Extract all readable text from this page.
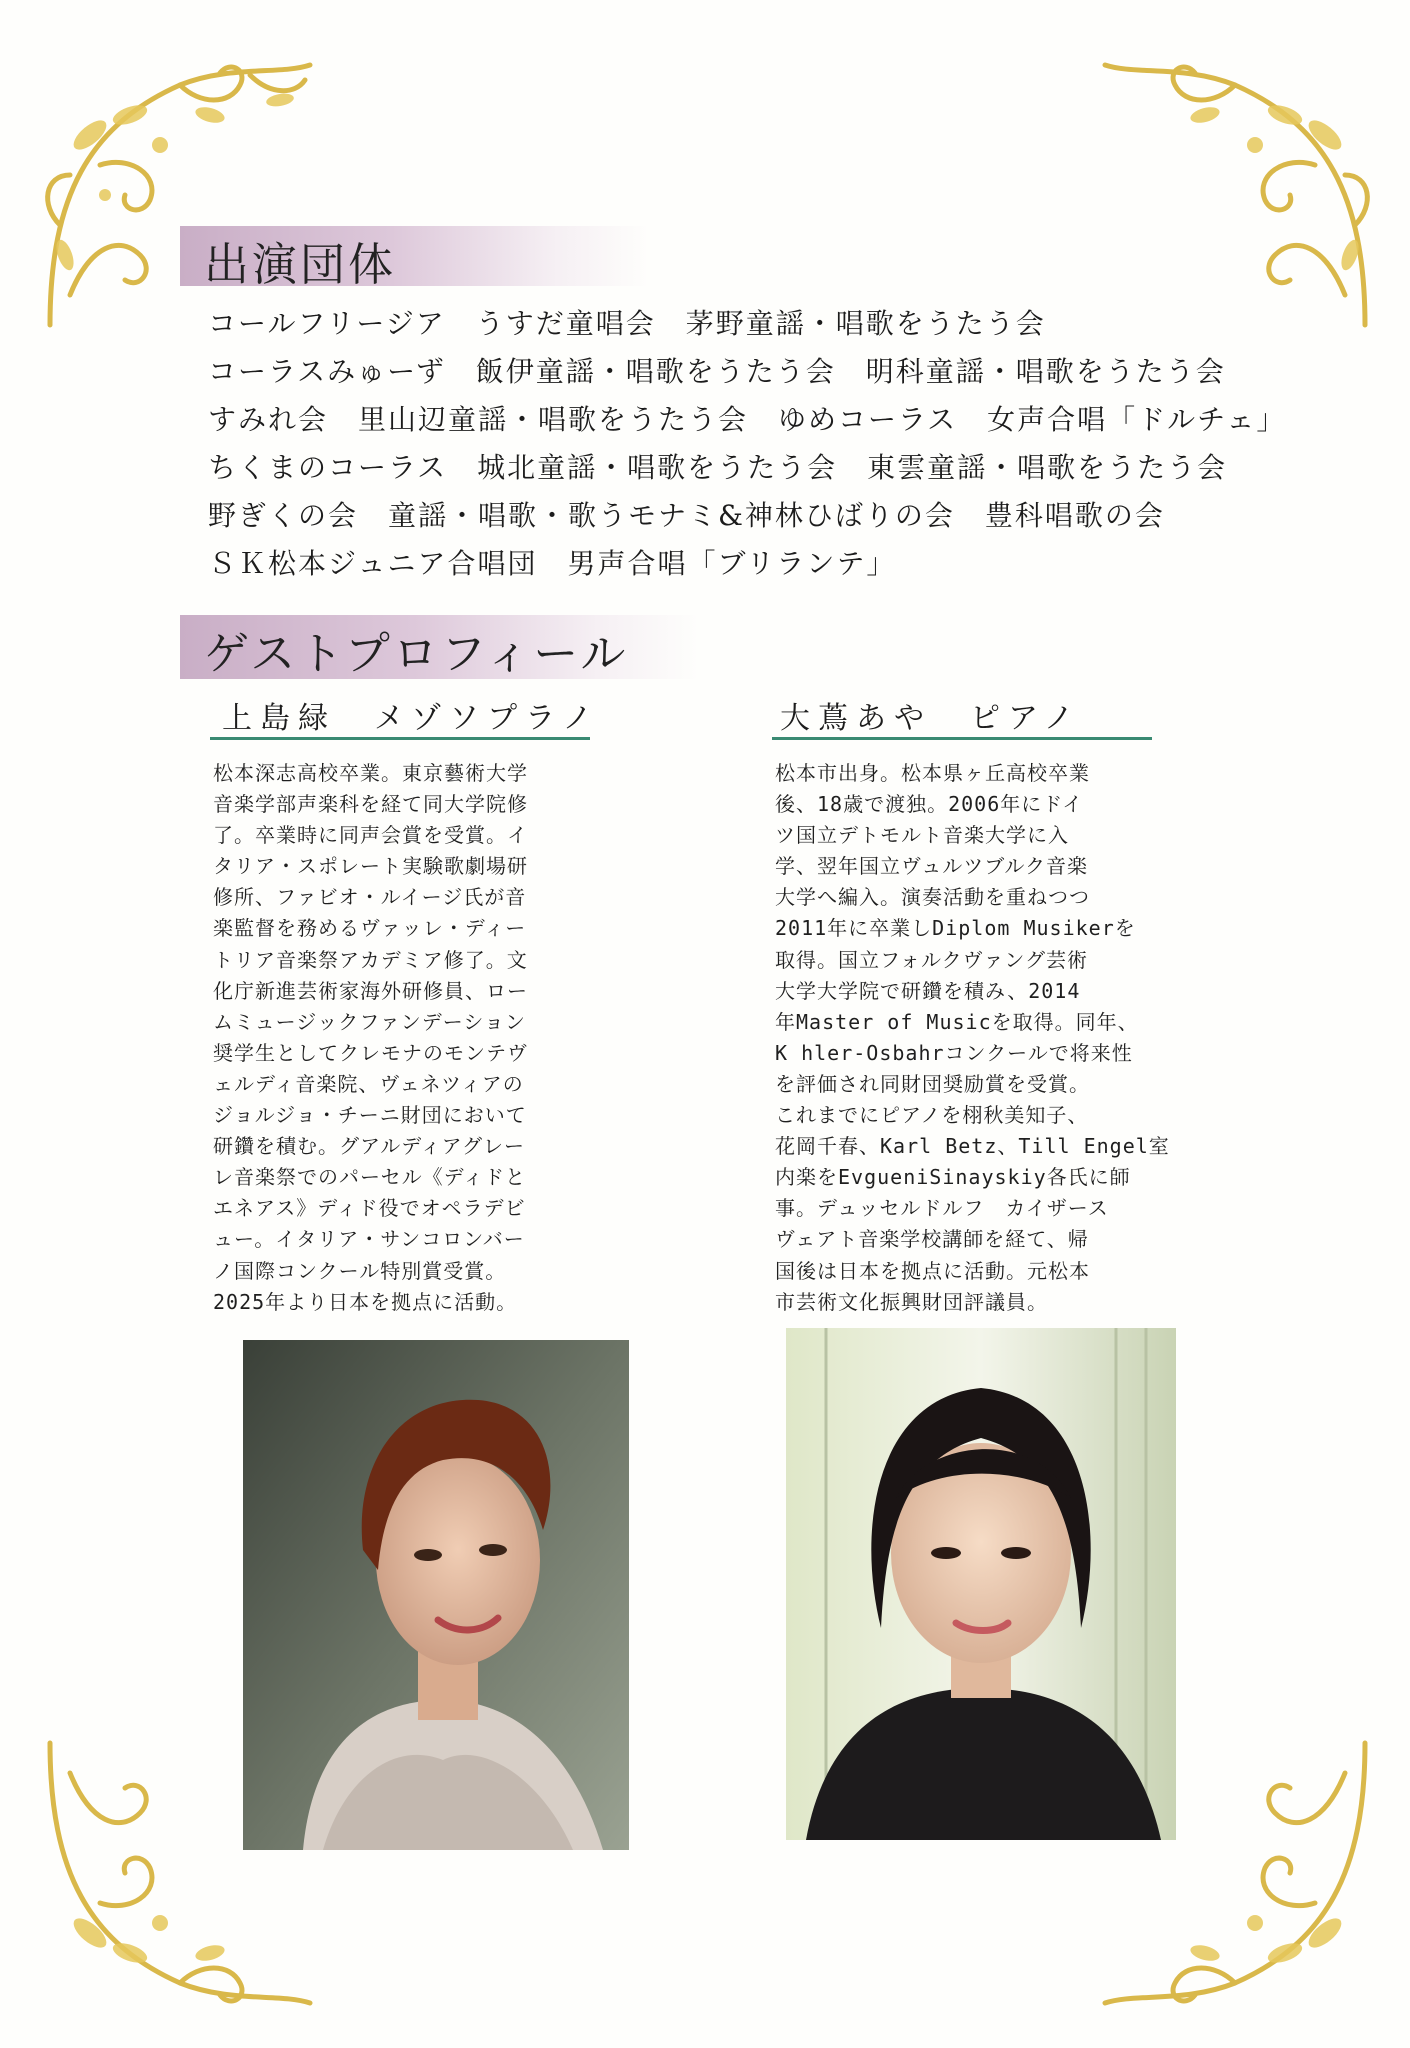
出演団体
コールフリージア　うすだ童唱会　茅野童謡・唱歌をうたう会
コーラスみゅーず　飯伊童謡・唱歌をうたう会　明科童謡・唱歌をうたう会
すみれ会　里山辺童謡・唱歌をうたう会　ゆめコーラス　女声合唱「ドルチェ」
ちくまのコーラス　城北童謡・唱歌をうたう会　東雲童謡・唱歌をうたう会
野ぎくの会　童謡・唱歌・歌うモナミ&神林ひばりの会　豊科唱歌の会
ＳＫ松本ジュニア合唱団　男声合唱「ブリランテ」
ゲストプロフィール
上島緑　メゾソプラノ
松本深志高校卒業。東京藝術大学
音楽学部声楽科を経て同大学院修
了。卒業時に同声会賞を受賞。イ
タリア・スポレート実験歌劇場研
修所、ファビオ・ルイージ氏が音
楽監督を務めるヴァッレ・ディー
トリア音楽祭アカデミア修了。文
化庁新進芸術家海外研修員、ロー
ムミュージックファンデーション
奨学生としてクレモナのモンテヴ
ェルディ音楽院、ヴェネツィアの
ジョルジョ・チーニ財団において
研鑽を積む。グアルディアグレー
レ音楽祭でのパーセル《ディドと
エネアス》ディド役でオペラデビ
ュー。イタリア・サンコロンバー
ノ国際コンクール特別賞受賞。
2025年より日本を拠点に活動。
大蔦あや　ピアノ
松本市出身。松本県ヶ丘高校卒業
後、18歳で渡独。2006年にドイ
ツ国立デトモルト音楽大学に入
学、翌年国立ヴュルツブルク音楽
大学へ編入。演奏活動を重ねつつ
2011年に卒業しDiplom Musikerを
取得。国立フォルクヴァング芸術
大学大学院で研鑽を積み、2014
年Master of Musicを取得。同年、
K hler-Osbahrコンクールで将来性
を評価され同財団奨励賞を受賞。
これまでにピアノを栩秋美知子、
花岡千春、Karl Betz、Till Engel室
内楽をEvgueniSinayskiy各氏に師
事。デュッセルドルフ　カイザース
ヴェアト音楽学校講師を経て、帰
国後は日本を拠点に活動。元松本
市芸術文化振興財団評議員。
